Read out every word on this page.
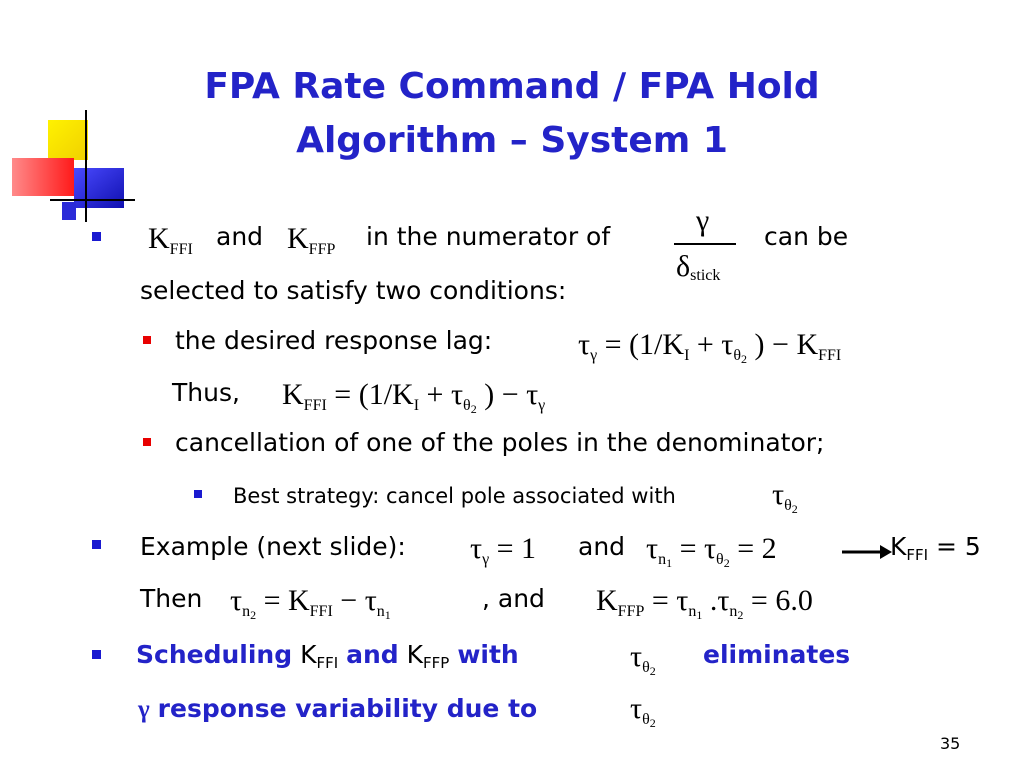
FPA Rate Command / FPA Hold
Algorithm – System 1
$K_{FFI}$ and $K_{FFP}$ in the numerator of	γ
δstick
can be
selected to satisfy two conditions:
the desired response lag:	$\tau_\gamma = (1/K_I + \tau_{\theta_2}$ ) − $K_{FFI}$
Thus, $K_{FFI} = (1/K_I + \tau_{\theta_2}$ ) − $\tau_\gamma$
cancellation of one of the poles in the denominator;
Best strategy: cancel pole associated with	$\tau_{\theta_2}$
Example (next slide): $\tau_\gamma = 1$ and $\tau_{n_1} = \tau_{\theta_2} = 2$	$K_{FFI} = 5$
Then $\tau_{n_2} = K_{FFI} - \tau_{n_1}$
, and $K_{FFP} = \tau_{n_1}$ $.\tau_{n_2} = 6.0$
Scheduling $K_{FFI}$ and $K_{FFP}$ with	$\tau_{\theta_2}$
eliminates
γ response variability due to	$\tau_{\theta_2}$
35
